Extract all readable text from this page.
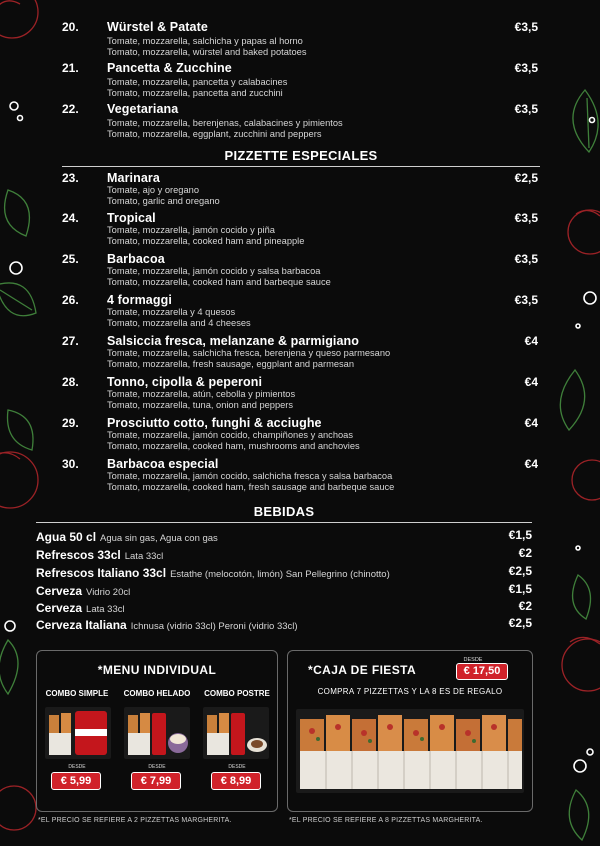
20.	Würstel & Patate	€3,5
Tomate, mozzarella, salchicha y papas al horno
Tomato, mozzarella, würstel and baked potatoes
21.	Pancetta & Zucchine	€3,5
Tomate, mozzarella, pancetta y calabacines
Tomato, mozzarella, pancetta and zucchini
22.	Vegetariana	€3,5
Tomate, mozzarella, berenjenas, calabacines y pimientos
Tomato, mozzarella, eggplant, zucchini and peppers
PIZZETTE ESPECIALES
23.	Marinara	€2,5
Tomate, ajo y oregano
Tomato, garlic and oregano
24.	Tropical	€3,5
Tomate, mozzarella, jamón cocido y piña
Tomato, mozzarella, cooked ham and pineapple
25.	Barbacoa	€3,5
Tomate, mozzarella, jamón cocido y salsa barbacoa
Tomato, mozzarella, cooked ham and barbeque sauce
26.	4 formaggi	€3,5
Tomate, mozzarella y 4 quesos
Tomato, mozzarella and 4 cheeses
27.	Salsiccia fresca, melanzane & parmigiano	€4
Tomate, mozzarella, salchicha fresca, berenjena y queso parmesano
Tomato, mozzarella, fresh sausage, eggplant and parmesan
28.	Tonno, cipolla & peperoni	€4
Tomate, mozzarella, atún, cebolla y pimientos
Tomato, mozzarella, tuna, onion and peppers
29.	Prosciutto cotto, funghi & acciughe	€4
Tomate, mozzarella, jamón cocido, champiñones y anchoas
Tomato, mozzarella, cooked ham, mushrooms and anchovies
30.	Barbacoa especial	€4
Tomate, mozzarella, jamón cocido, salchicha fresca y salsa barbacoa
Tomato, mozzarella, cooked ham, fresh sausage and barbeque sauce
BEBIDAS
Agua 50 cl Agua sin gas, Agua con gas	€1,5
Refrescos 33cl Lata 33cl	€2
Refrescos Italiano 33cl Estathe (melocotón, limón) San Pellegrino (chinotto)	€2,5
Cerveza Vidrio 20cl	€1,5
Cerveza Lata 33cl	€2
Cerveza Italiana Ichnusa (vidrio 33cl) Peroni (vidrio 33cl)	€2,5
*MENU INDIVIDUAL
COMBO SIMPLE	COMBO HELADO	COMBO POSTRE
DESDE	DESDE	DESDE
€ 5,99	€ 7,99	€ 8,99
*EL PRECIO SE REFIERE A 2 PIZZETTAS MARGHERITA.
*CAJA DE FIESTA
DESDE
€ 17,50
COMPRA 7 PIZZETTAS Y LA 8 ES DE REGALO
*EL PRECIO SE REFIERE A 8 PIZZETTAS MARGHERITA.
